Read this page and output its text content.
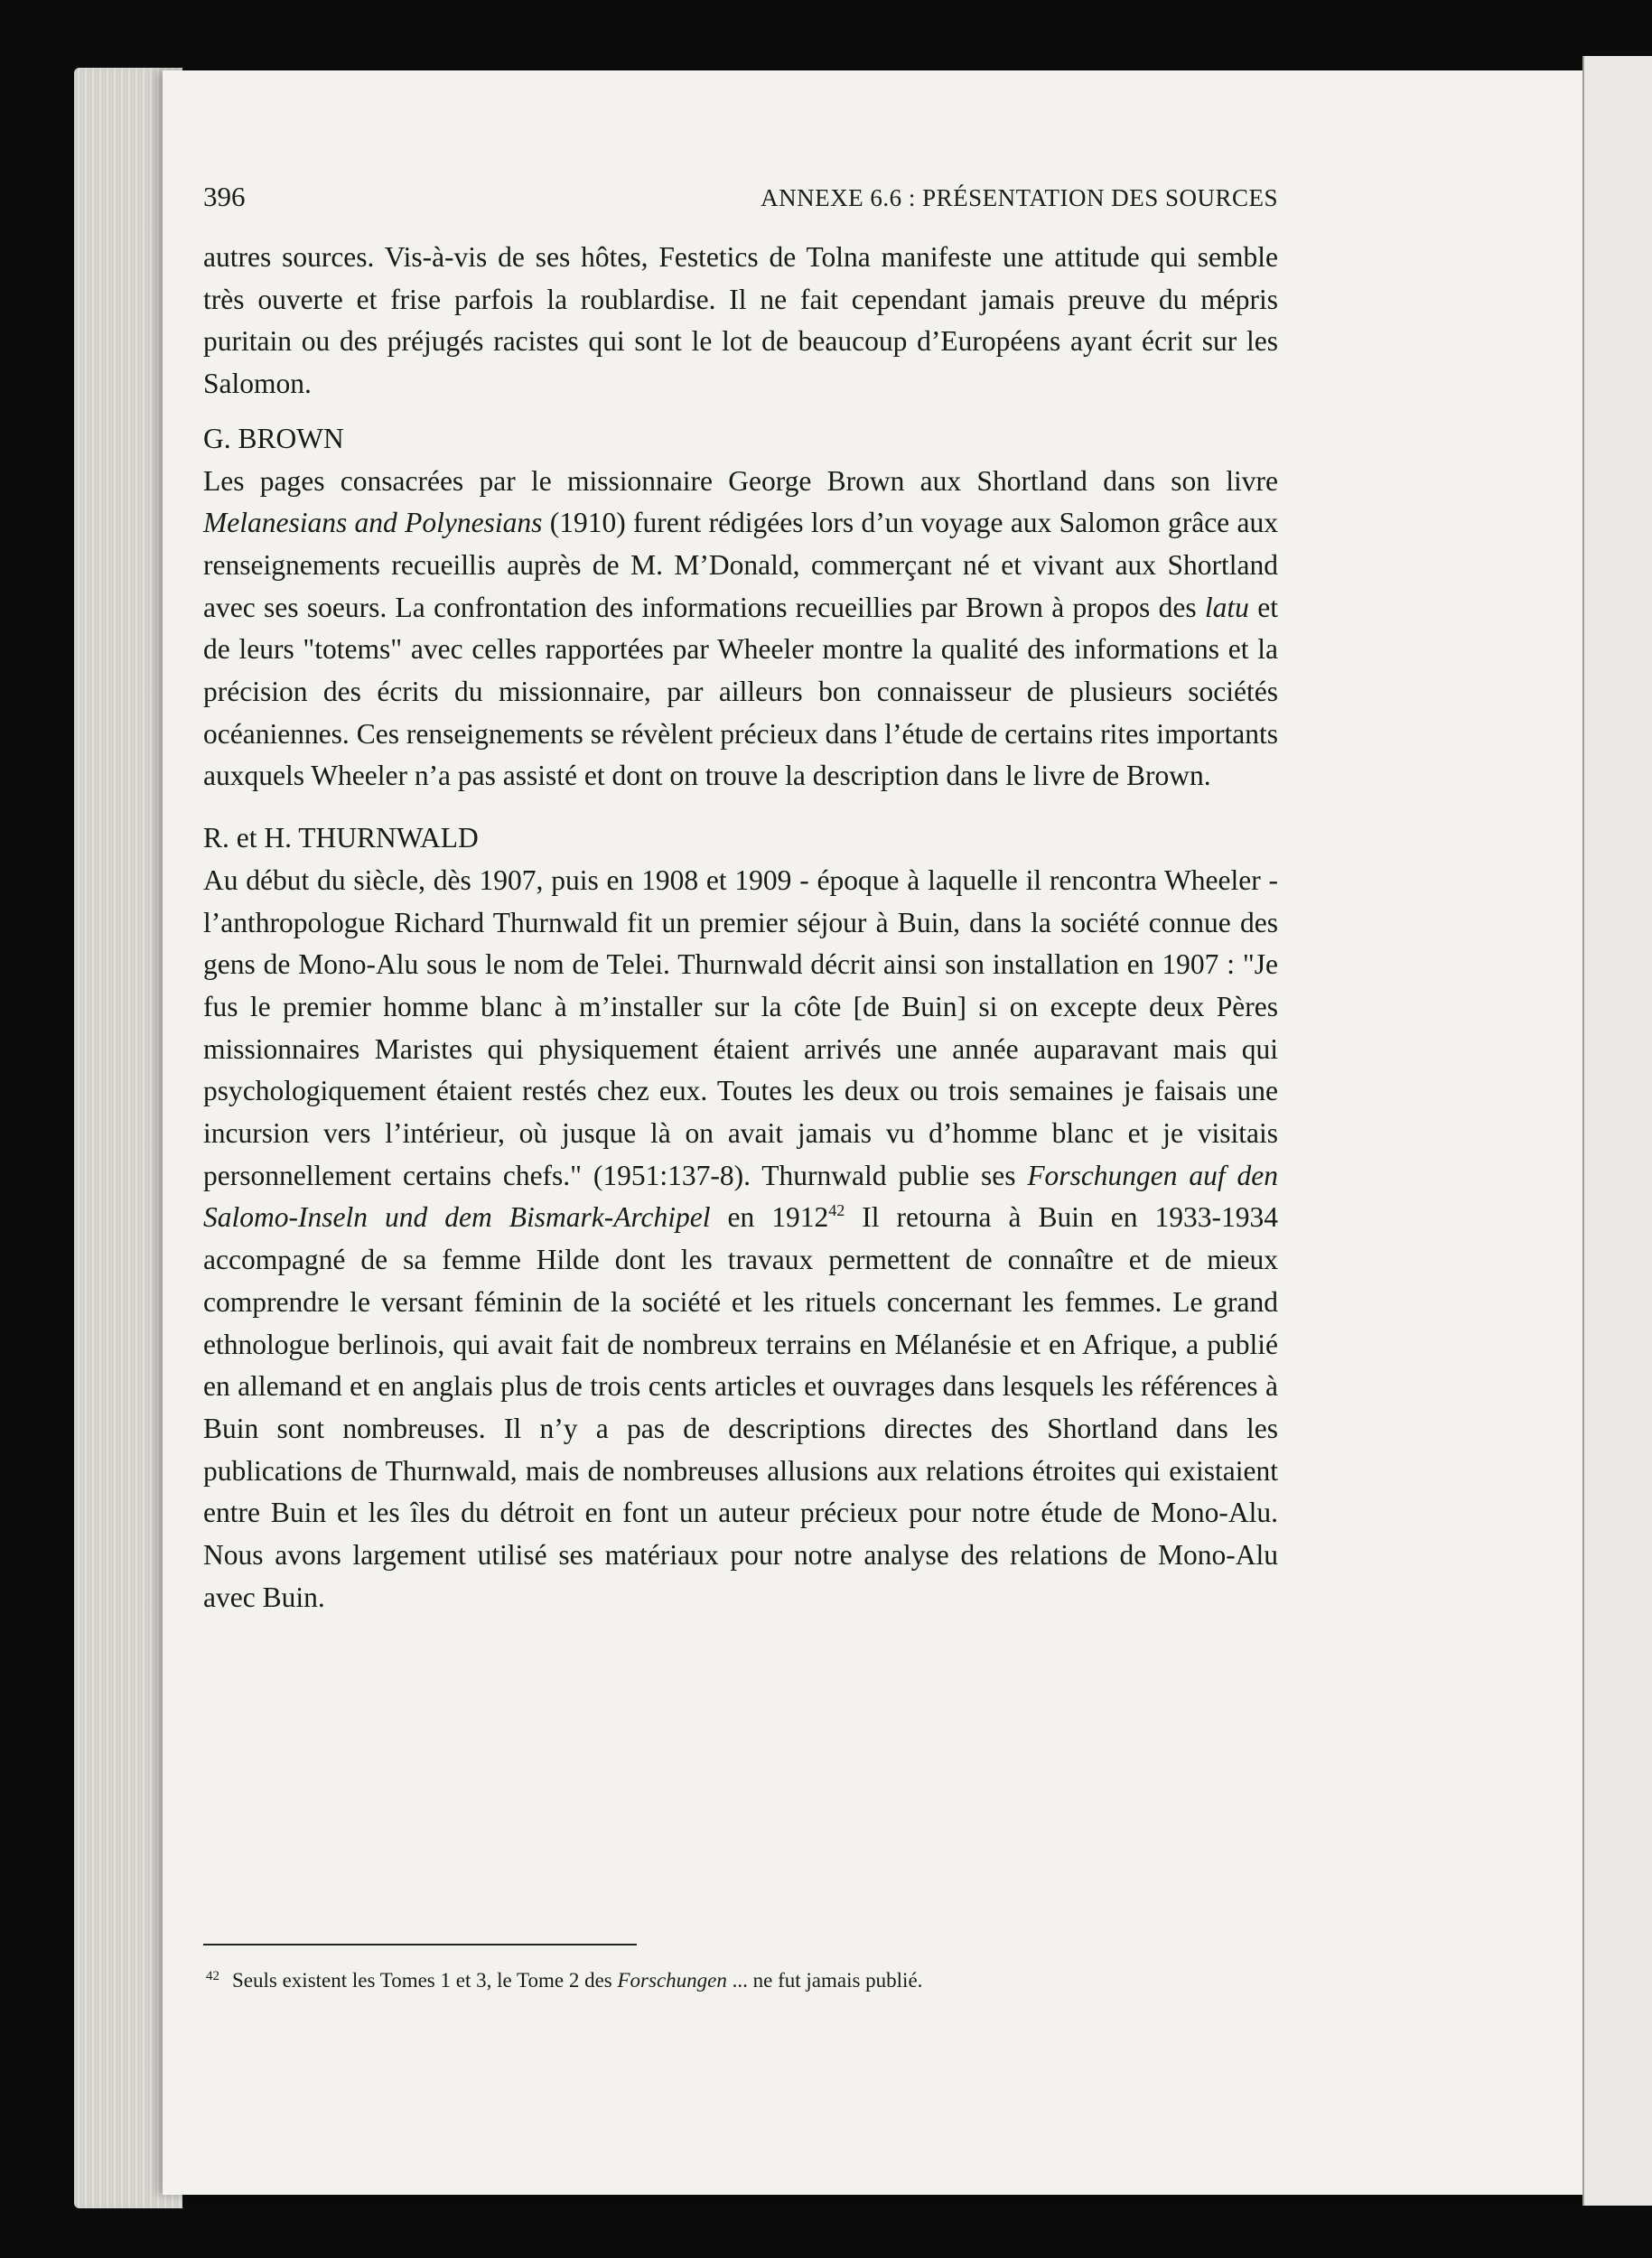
396	ANNEXE 6.6 : PRÉSENTATION DES SOURCES

autres sources. Vis-à-vis de ses hôtes, Festetics de Tolna manifeste une attitude qui semble très ouverte et frise parfois la roublardise. Il ne fait cependant jamais preuve du mépris puritain ou des préjugés racistes qui sont le lot de beaucoup d’Européens ayant écrit sur les Salomon.

G. BROWN

Les pages consacrées par le missionnaire George Brown aux Shortland dans son livre Melanesians and Polynesians (1910) furent rédigées lors d’un voyage aux Salomon grâce aux renseignements recueillis auprès de M. M’Donald, commerçant né et vivant aux Shortland avec ses soeurs. La confrontation des informations recueillies par Brown à propos des latu et de leurs "totems" avec celles rapportées par Wheeler montre la qualité des informations et la précision des écrits du missionnaire, par ailleurs bon connaisseur de plusieurs sociétés océaniennes. Ces renseignements se révèlent précieux dans l’étude de certains rites importants auxquels Wheeler n’a pas assisté et dont on trouve la description dans le livre de Brown.

R. et H. THURNWALD

Au début du siècle, dès 1907, puis en 1908 et 1909 - époque à laquelle il rencontra Wheeler - l’anthropologue Richard Thurnwald fit un premier séjour à Buin, dans la société connue des gens de Mono-Alu sous le nom de Telei. Thurnwald décrit ainsi son installation en 1907 : "Je fus le premier homme blanc à m’installer sur la côte [de Buin] si on excepte deux Pères missionnaires Maristes qui physiquement étaient arrivés une année auparavant mais qui psychologiquement étaient restés chez eux. Toutes les deux ou trois semaines je faisais une incursion vers l’intérieur, où jusque là on avait jamais vu d’homme blanc et je visitais personnellement certains chefs." (1951:137-8). Thurnwald publie ses Forschungen auf den Salomo-Inseln und dem Bismark-Archipel en 1912$^{42}$ Il retourna à Buin en 1933-1934 accompagné de sa femme Hilde dont les travaux permettent de connaître et de mieux comprendre le versant féminin de la société et les rituels concernant les femmes. Le grand ethnologue berlinois, qui avait fait de nombreux terrains en Mélanésie et en Afrique, a publié en allemand et en anglais plus de trois cents articles et ouvrages dans lesquels les références à Buin sont nombreuses. Il n’y a pas de descriptions directes des Shortland dans les publications de Thurnwald, mais de nombreuses allusions aux relations étroites qui existaient entre Buin et les îles du détroit en font un auteur précieux pour notre étude de Mono-Alu. Nous avons largement utilisé ses matériaux pour notre analyse des relations de Mono-Alu avec Buin.

$^{42}$ Seuls existent les Tomes 1 et 3, le Tome 2 des Forschungen ... ne fut jamais publié.
